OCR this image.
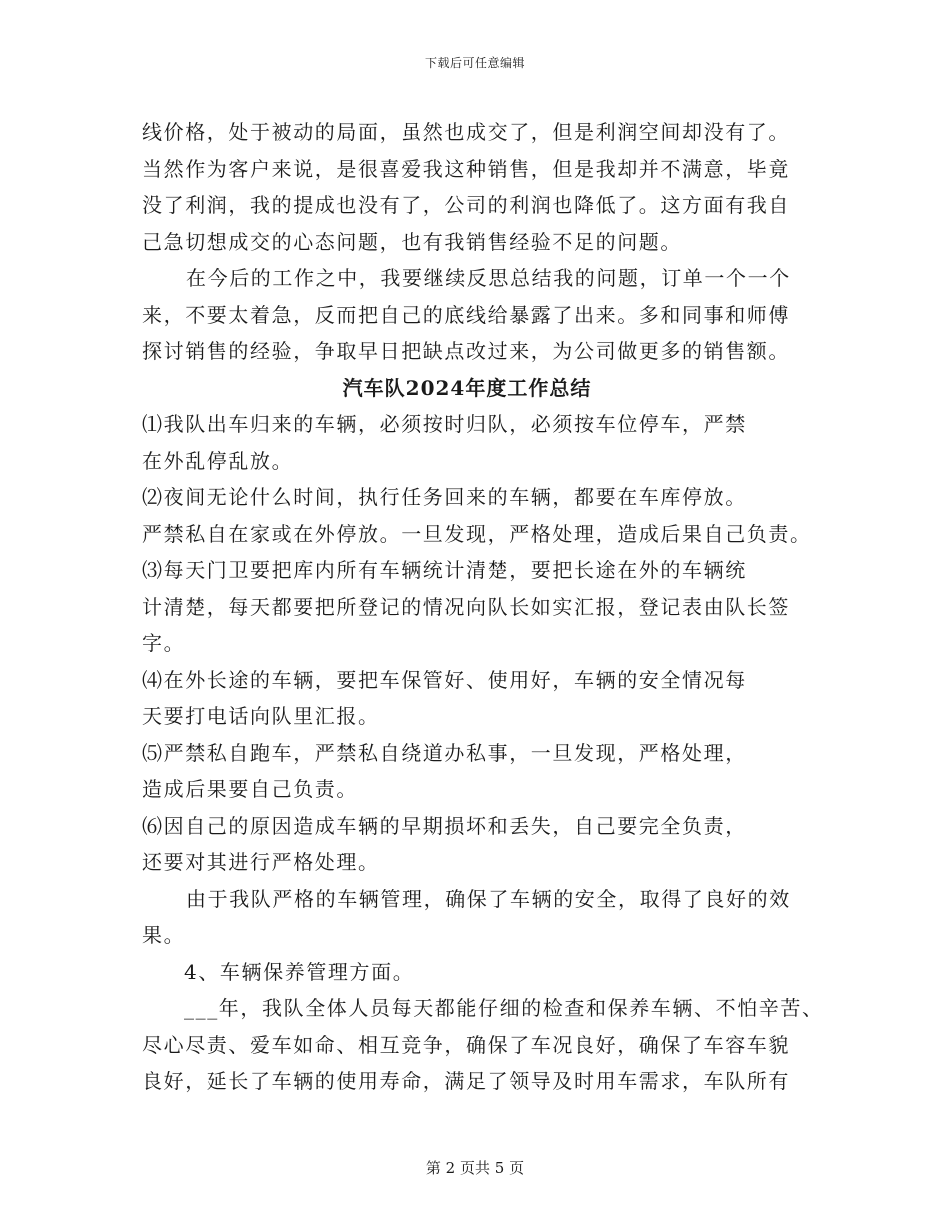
下载后可任意编辑
线价格，处于被动的局面，虽然也成交了，但是利润空间却没有了。
当然作为客户来说，是很喜爱我这种销售，但是我却并不满意，毕竟
没了利润，我的提成也没有了，公司的利润也降低了。这方面有我自
己急切想成交的心态问题，也有我销售经验不足的问题。
在今后的工作之中，我要继续反思总结我的问题，订单一个一个
来，不要太着急，反而把自己的底线给暴露了出来。多和同事和师傅
探讨销售的经验，争取早日把缺点改过来，为公司做更多的销售额。
汽车队2024年度工作总结
⑴我队出车归来的车辆，必须按时归队，必须按车位停车，严禁
在外乱停乱放。
⑵夜间无论什么时间，执行任务回来的车辆，都要在车库停放。
严禁私自在家或在外停放。一旦发现，严格处理，造成后果自己负责。
⑶每天门卫要把库内所有车辆统计清楚，要把长途在外的车辆统
计清楚，每天都要把所登记的情况向队长如实汇报，登记表由队长签
字。
⑷在外长途的车辆，要把车保管好、使用好，车辆的安全情况每
天要打电话向队里汇报。
⑸严禁私自跑车，严禁私自绕道办私事，一旦发现，严格处理，
造成后果要自己负责。
⑹因自己的原因造成车辆的早期损坏和丢失，自己要完全负责，
还要对其进行严格处理。
由于我队严格的车辆管理，确保了车辆的安全，取得了良好的效
果。
4、车辆保养管理方面。
___年，我队全体人员每天都能仔细的检查和保养车辆、不怕辛苦、
尽心尽责、爱车如命、相互竞争，确保了车况良好，确保了车容车貌
良好，延长了车辆的使用寿命，满足了领导及时用车需求，车队所有
第 2 页共 5 页
